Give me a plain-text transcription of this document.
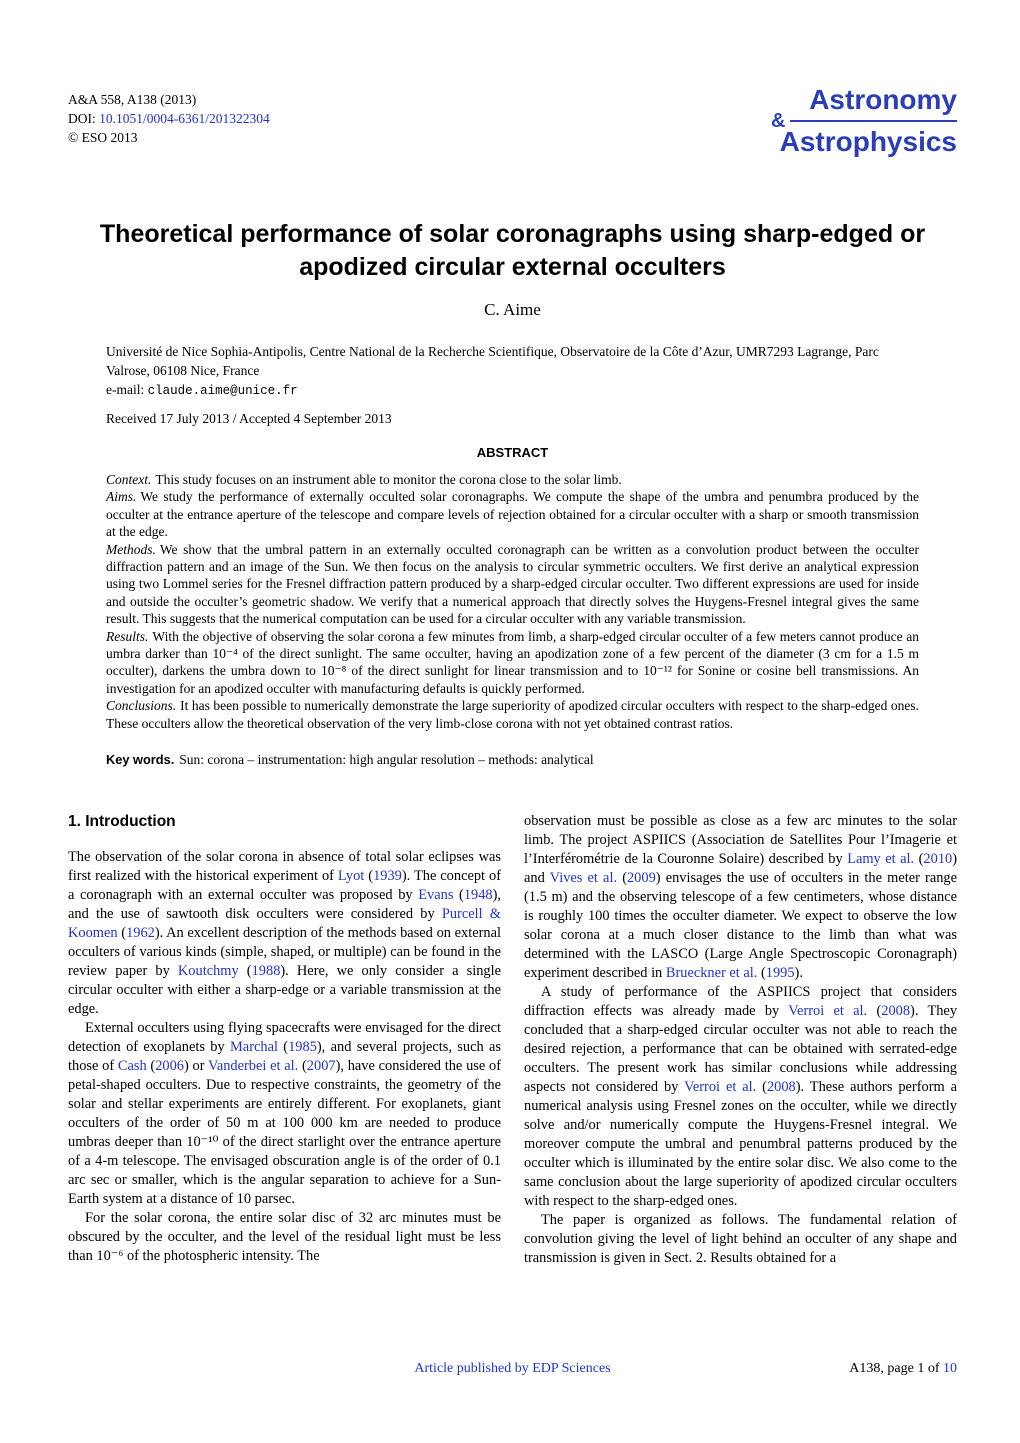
A&A 558, A138 (2013)
DOI: 10.1051/0004-6361/201322304
© ESO 2013
Astronomy
&
Astrophysics
Theoretical performance of solar coronagraphs using sharp-edged or apodized circular external occulters
C. Aime
Université de Nice Sophia-Antipolis, Centre National de la Recherche Scientifique, Observatoire de la Côte d’Azur, UMR7293 Lagrange, Parc Valrose, 06108 Nice, France
e-mail: claude.aime@unice.fr
Received 17 July 2013 / Accepted 4 September 2013
ABSTRACT

Context. This study focuses on an instrument able to monitor the corona close to the solar limb.

Aims. We study the performance of externally occulted solar coronagraphs. We compute the shape of the umbra and penumbra produced by the occulter at the entrance aperture of the telescope and compare levels of rejection obtained for a circular occulter with a sharp or smooth transmission at the edge.

Methods. We show that the umbral pattern in an externally occulted coronagraph can be written as a convolution product between the occulter diffraction pattern and an image of the Sun. We then focus on the analysis to circular symmetric occulters. We first derive an analytical expression using two Lommel series for the Fresnel diffraction pattern produced by a sharp-edged circular occulter. Two different expressions are used for inside and outside the occulter’s geometric shadow. We verify that a numerical approach that directly solves the Huygens-Fresnel integral gives the same result. This suggests that the numerical computation can be used for a circular occulter with any variable transmission.

Results. With the objective of observing the solar corona a few minutes from limb, a sharp-edged circular occulter of a few meters cannot produce an umbra darker than 10⁻⁴ of the direct sunlight. The same occulter, having an apodization zone of a few percent of the diameter (3 cm for a 1.5 m occulter), darkens the umbra down to 10⁻⁸ of the direct sunlight for linear transmission and to 10⁻¹² for Sonine or cosine bell transmissions. An investigation for an apodized occulter with manufacturing defaults is quickly performed.

Conclusions. It has been possible to numerically demonstrate the large superiority of apodized circular occulters with respect to the sharp-edged ones. These occulters allow the theoretical observation of the very limb-close corona with not yet obtained contrast ratios.

Key words. Sun: corona – instrumentation: high angular resolution – methods: analytical
1. Introduction

The observation of the solar corona in absence of total solar eclipses was first realized with the historical experiment of Lyot (1939). The concept of a coronagraph with an external occulter was proposed by Evans (1948), and the use of sawtooth disk occulters were considered by Purcell & Koomen (1962). An excellent description of the methods based on external occulters of various kinds (simple, shaped, or multiple) can be found in the review paper by Koutchmy (1988). Here, we only consider a single circular occulter with either a sharp-edge or a variable transmission at the edge.

External occulters using flying spacecrafts were envisaged for the direct detection of exoplanets by Marchal (1985), and several projects, such as those of Cash (2006) or Vanderbei et al. (2007), have considered the use of petal-shaped occulters. Due to respective constraints, the geometry of the solar and stellar experiments are entirely different. For exoplanets, giant occulters of the order of 50 m at 100 000 km are needed to produce umbras deeper than 10⁻¹⁰ of the direct starlight over the entrance aperture of a 4-m telescope. The envisaged obscuration angle is of the order of 0.1 arc sec or smaller, which is the angular separation to achieve for a Sun-Earth system at a distance of 10 parsec.

For the solar corona, the entire solar disc of 32 arc minutes must be obscured by the occulter, and the level of the residual light must be less than 10⁻⁶ of the photospheric intensity. The

observation must be possible as close as a few arc minutes to the solar limb. The project ASPIICS (Association de Satellites Pour l’Imagerie et l’Interférométrie de la Couronne Solaire) described by Lamy et al. (2010) and Vives et al. (2009) envisages the use of occulters in the meter range (1.5 m) and the observing telescope of a few centimeters, whose distance is roughly 100 times the occulter diameter. We expect to observe the low solar corona at a much closer distance to the limb than what was determined with the LASCO (Large Angle Spectroscopic Coronagraph) experiment described in Brueckner et al. (1995).

A study of performance of the ASPIICS project that considers diffraction effects was already made by Verroi et al. (2008). They concluded that a sharp-edged circular occulter was not able to reach the desired rejection, a performance that can be obtained with serrated-edge occulters. The present work has similar conclusions while addressing aspects not considered by Verroi et al. (2008). These authors perform a numerical analysis using Fresnel zones on the occulter, while we directly solve and/or numerically compute the Huygens-Fresnel integral. We moreover compute the umbral and penumbral patterns produced by the occulter which is illuminated by the entire solar disc. We also come to the same conclusion about the large superiority of apodized circular occulters with respect to the sharp-edged ones.

The paper is organized as follows. The fundamental relation of convolution giving the level of light behind an occulter of any shape and transmission is given in Sect. 2. Results obtained for a

Article published by EDP Sciences	A138, page 1 of 10
